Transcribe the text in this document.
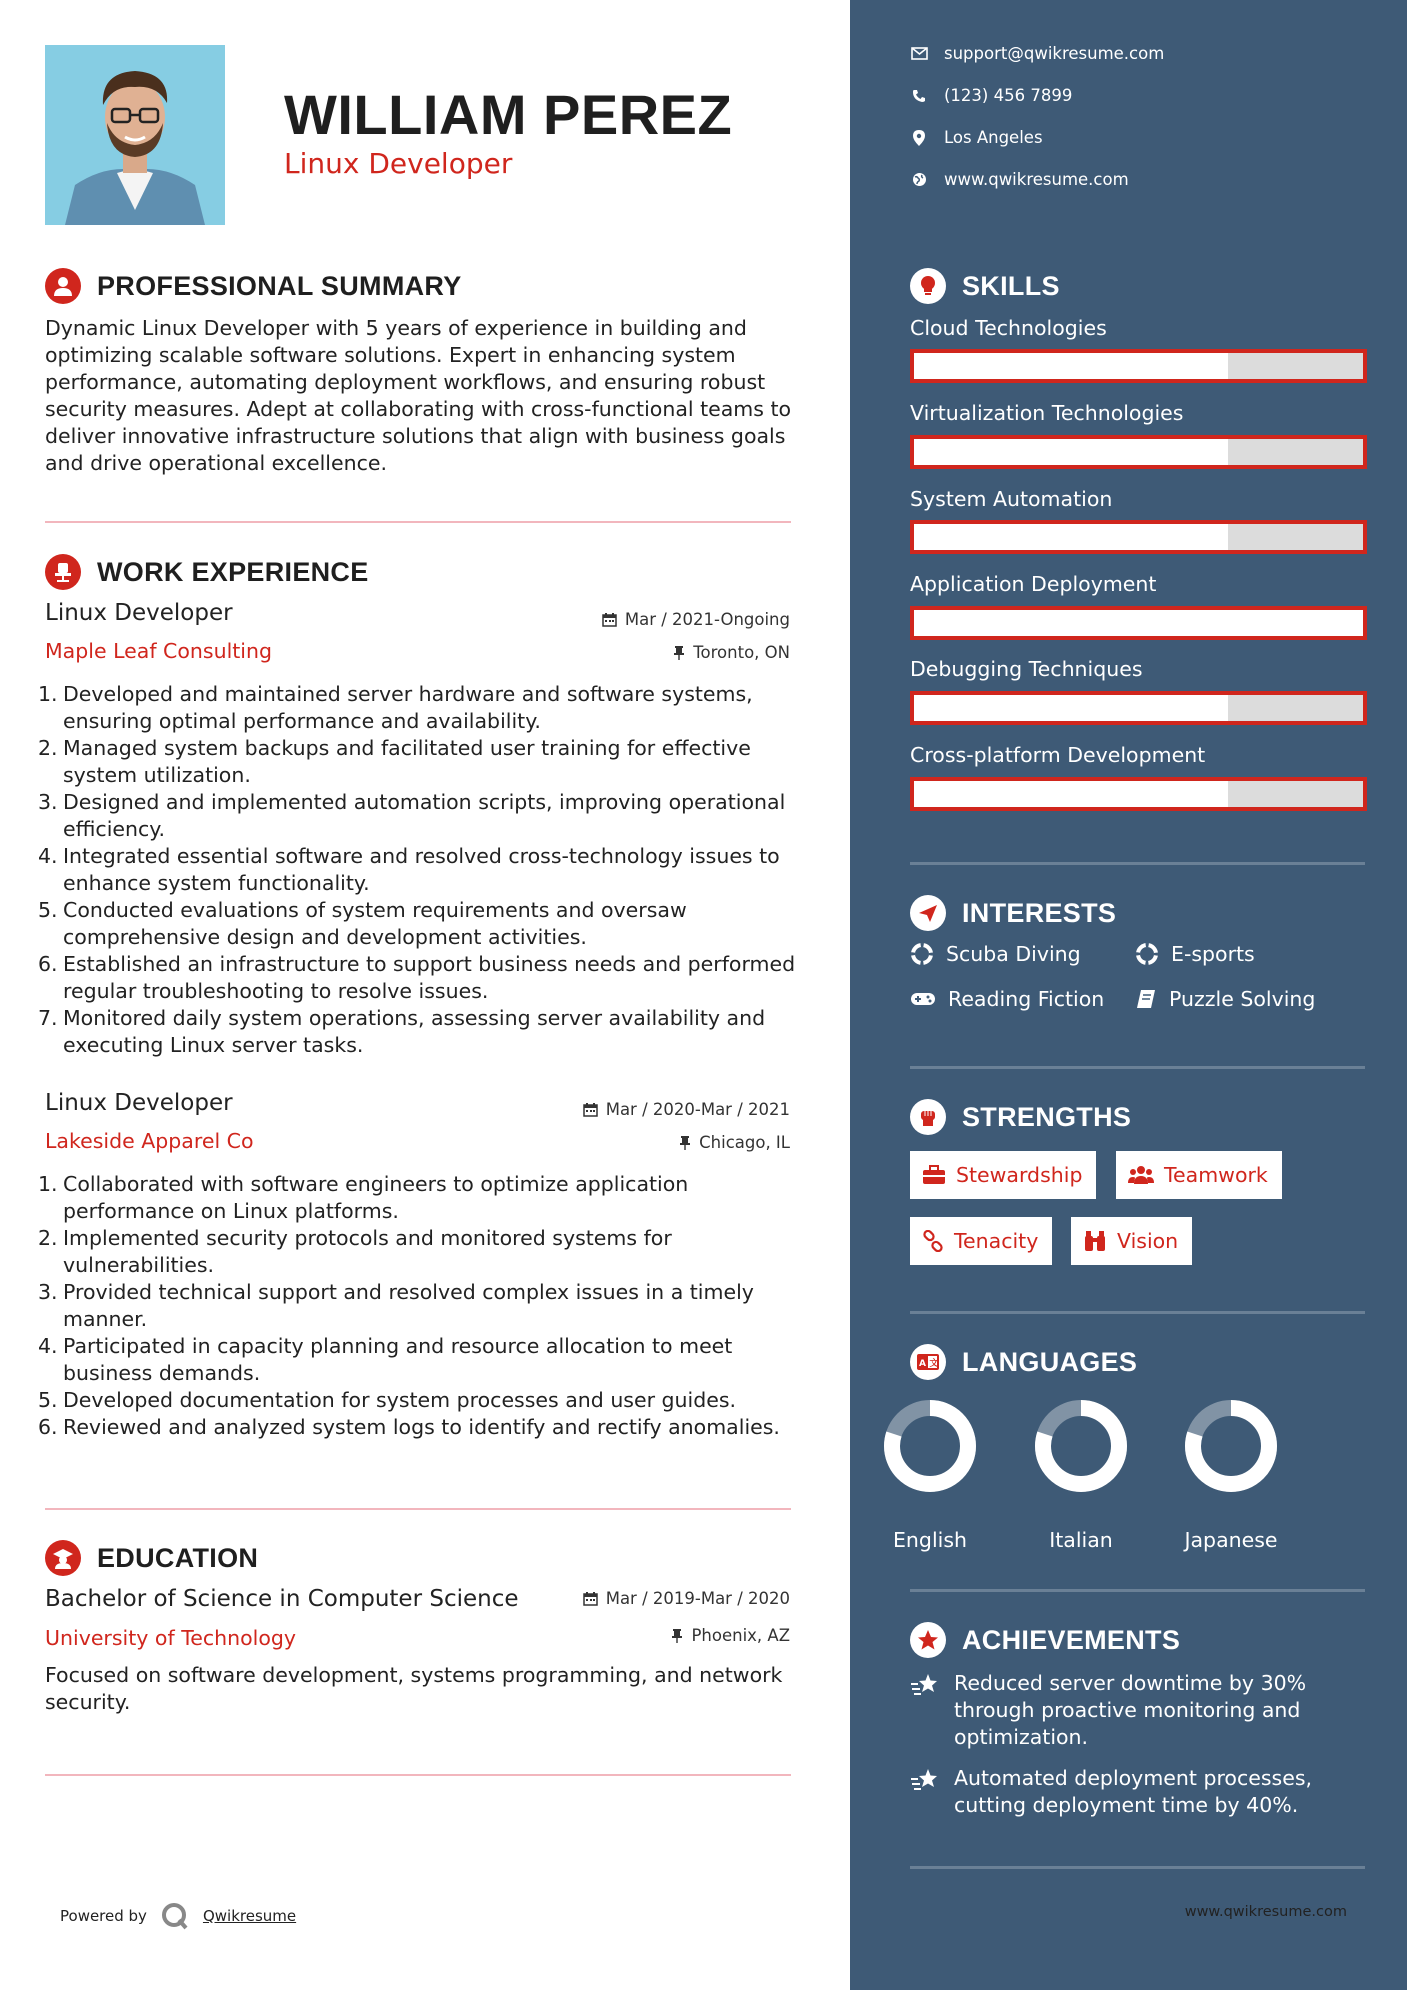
WILLIAM PEREZ
Linux Developer
PROFESSIONAL SUMMARY
Dynamic Linux Developer with 5 years of experience in building and optimizing scalable software solutions. Expert in enhancing system performance, automating deployment workflows, and ensuring robust security measures. Adept at collaborating with cross-functional teams to deliver innovative infrastructure solutions that align with business goals and drive operational excellence.
WORK EXPERIENCE
Linux Developer	Mar / 2021-Ongoing
Maple Leaf Consulting	Toronto, ON
1. Developed and maintained server hardware and software systems, ensuring optimal performance and availability.
2. Managed system backups and facilitated user training for effective system utilization.
3. Designed and implemented automation scripts, improving operational efficiency.
4. Integrated essential software and resolved cross-technology issues to enhance system functionality.
5. Conducted evaluations of system requirements and oversaw comprehensive design and development activities.
6. Established an infrastructure to support business needs and performed regular troubleshooting to resolve issues.
7. Monitored daily system operations, assessing server availability and executing Linux server tasks.
Linux Developer	Mar / 2020-Mar / 2021
Lakeside Apparel Co	Chicago, IL
1. Collaborated with software engineers to optimize application performance on Linux platforms.
2. Implemented security protocols and monitored systems for vulnerabilities.
3. Provided technical support and resolved complex issues in a timely manner.
4. Participated in capacity planning and resource allocation to meet business demands.
5. Developed documentation for system processes and user guides.
6. Reviewed and analyzed system logs to identify and rectify anomalies.
EDUCATION
Bachelor of Science in Computer Science	Mar / 2019-Mar / 2020
University of Technology	Phoenix, AZ
Focused on software development, systems programming, and network security.
Powered by	Qwikresume
support@qwikresume.com
(123) 456 7899
Los Angeles
www.qwikresume.com
SKILLS
Cloud Technologies
Virtualization Technologies
System Automation
Application Deployment
Debugging Techniques
Cross-platform Development
INTERESTS
Scuba Diving	E-sports
Reading Fiction	Puzzle Solving
STRENGTHS
Stewardship	Teamwork
Tenacity	Vision
A 文 LANGUAGES
English	Italian	Japanese
ACHIEVEMENTS
Reduced server downtime by 30% through proactive monitoring and optimization.
Automated deployment processes, cutting deployment time by 40%.
www.qwikresume.com
